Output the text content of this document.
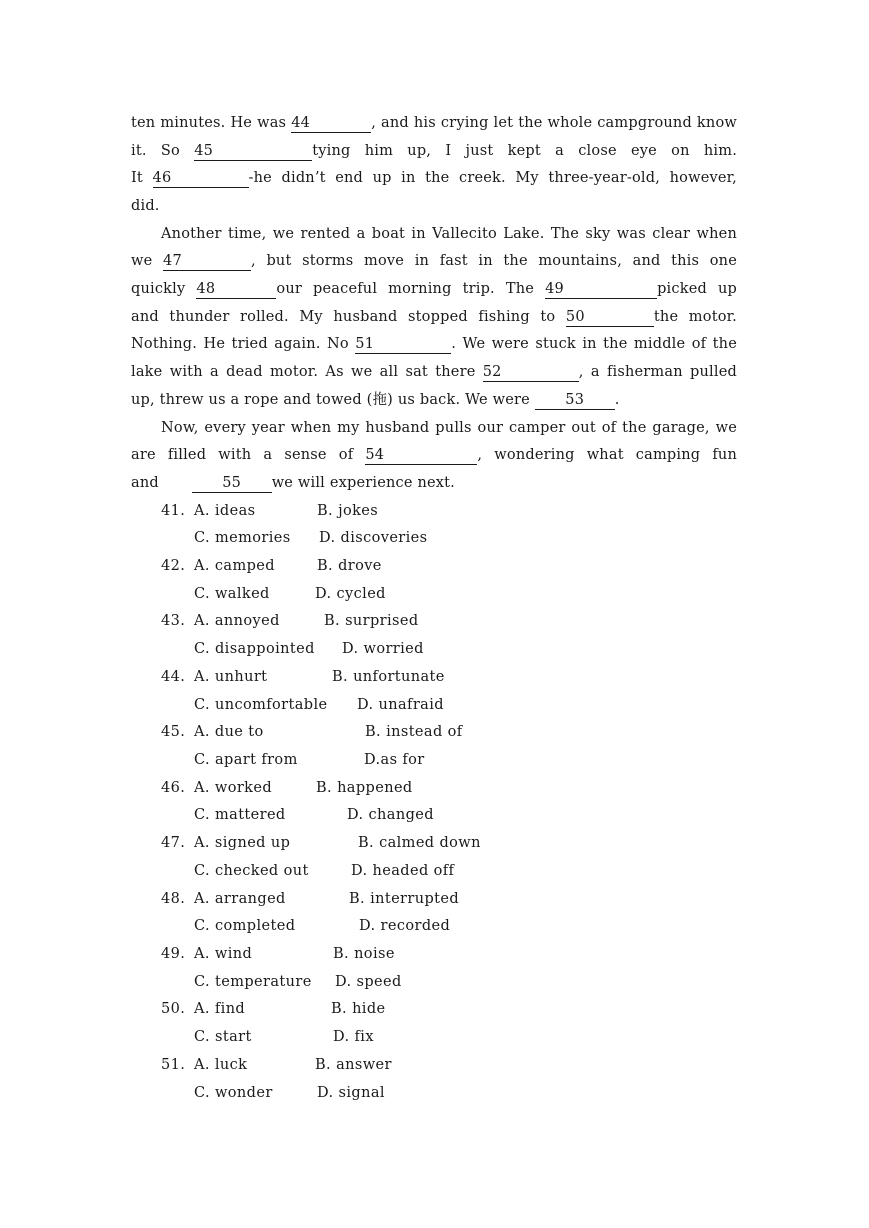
ten minutes. He was 44	, and his crying let the whole campground know
it. So 45	tying him up, I just kept a close eye on him.
It 46	-he didn’t end up in the creek. My three-year-old, however,
did.
Another time, we rented a boat in Vallecito Lake. The sky was clear when
we 47	, but storms move in fast in the mountains, and this one
quickly 48	our peaceful morning trip. The 49	picked up
and thunder rolled. My husband stopped fishing to 50	the motor.
Nothing. He tried again. No 51	. We were stuck in the middle of the
lake with a dead motor. As we all sat there 52	, a fisherman pulled
up, threw us a rope and towed (拖) us back. We were 53 .
Now, every year when my husband pulls our camper out of the garage, we
are filled with a sense of 54	, wondering what camping fun
and	55 we will experience next.
41. A. ideas	B. jokes
C. memories D. discoveries
42. A. camped	B. drove
C. walked	D. cycled
43. A. annoyed	B. surprised
C. disappointed D. worried
44. A. unhurt	B. unfortunate
C. uncomfortable D. unafraid
45. A. due to	B. instead of
C. apart from	D.as for
46. A. worked	B. happened
C. mattered	D. changed
47. A. signed up	B. calmed down
C. checked out	D. headed off
48. A. arranged	B. interrupted
C. completed	D. recorded
49. A. wind	B. noise
C. temperature D. speed
50. A. find	B. hide
C. start	D. fix
51. A. luck	B. answer
C. wonder	D. signal
